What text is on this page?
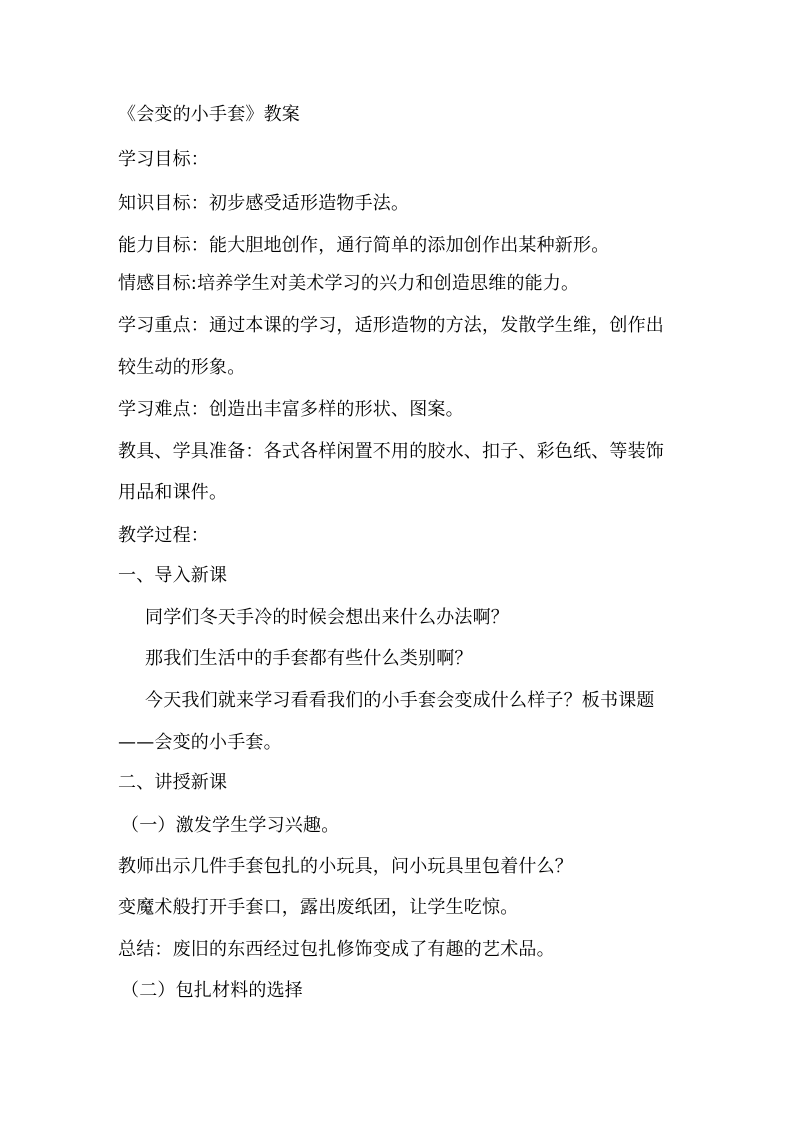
《会变的小手套》教案
学习目标：
知识目标：初步感受适形造物手法。
能力目标：能大胆地创作，通行简单的添加创作出某种新形。
情感目标:培养学生对美术学习的兴力和创造思维的能力。
学习重点：通过本课的学习，适形造物的方法，发散学生维，创作出
较生动的形象。
学习难点：创造出丰富多样的形状、图案。
教具、学具准备：各式各样闲置不用的胶水、扣子、彩色纸、等装饰
用品和课件。
教学过程：
一、导入新课
同学们冬天手冷的时候会想出来什么办法啊？
那我们生活中的手套都有些什么类别啊？
今天我们就来学习看看我们的小手套会变成什么样子？板书课题
——会变的小手套。
二、讲授新课
（一）激发学生学习兴趣。
教师出示几件手套包扎的小玩具，问小玩具里包着什么？
变魔术般打开手套口，露出废纸团，让学生吃惊。
总结：废旧的东西经过包扎修饰变成了有趣的艺术品。
（二）包扎材料的选择
